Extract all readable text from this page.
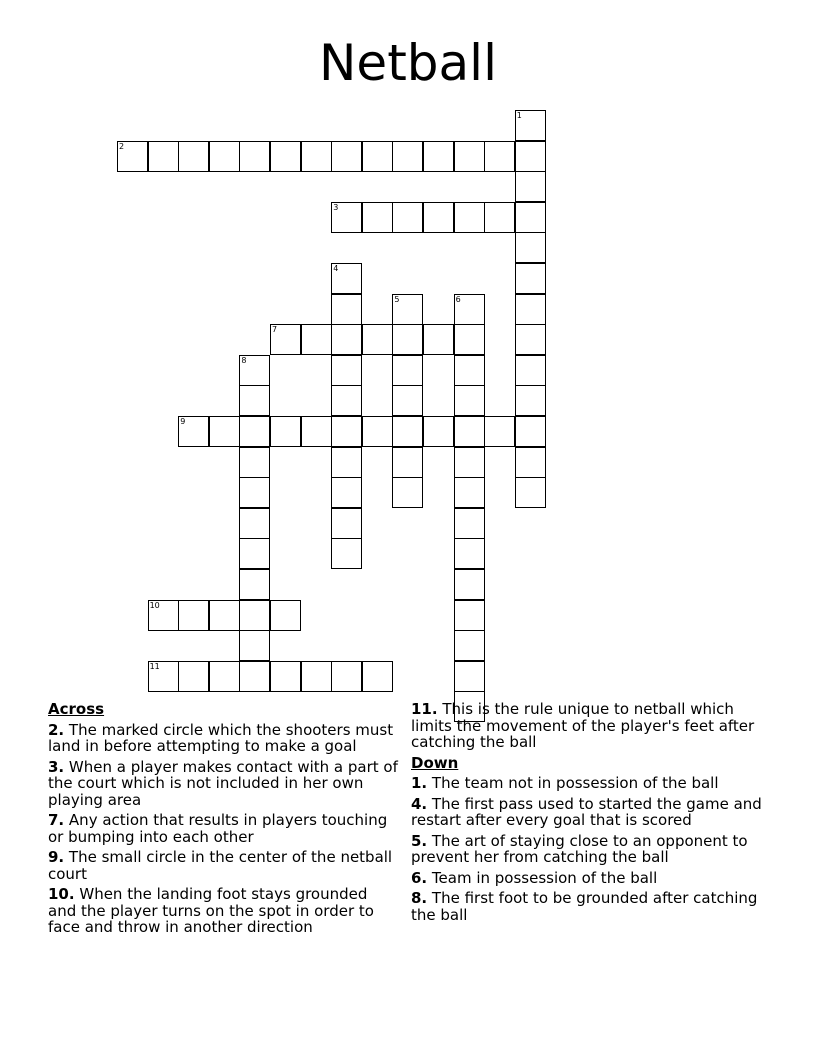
Netball
1
2
3
4
5	6
7
8
9
10
11
Across
2. The marked circle which the shooters must land in before attempting to make a goal
3. When a player makes contact with a part of the court which is not included in her own playing area
7. Any action that results in players touching or bumping into each other
9. The small circle in the center of the netball court
10. When the landing foot stays grounded and the player turns on the spot in order to face and throw in another direction
11. This is the rule unique to netball which limits the movement of the player's feet after catching the ball
Down
1. The team not in possession of the ball
4. The first pass used to started the game and restart after every goal that is scored
5. The art of staying close to an opponent to prevent her from catching the ball
6. Team in possession of the ball
8. The first foot to be grounded after catching the ball
